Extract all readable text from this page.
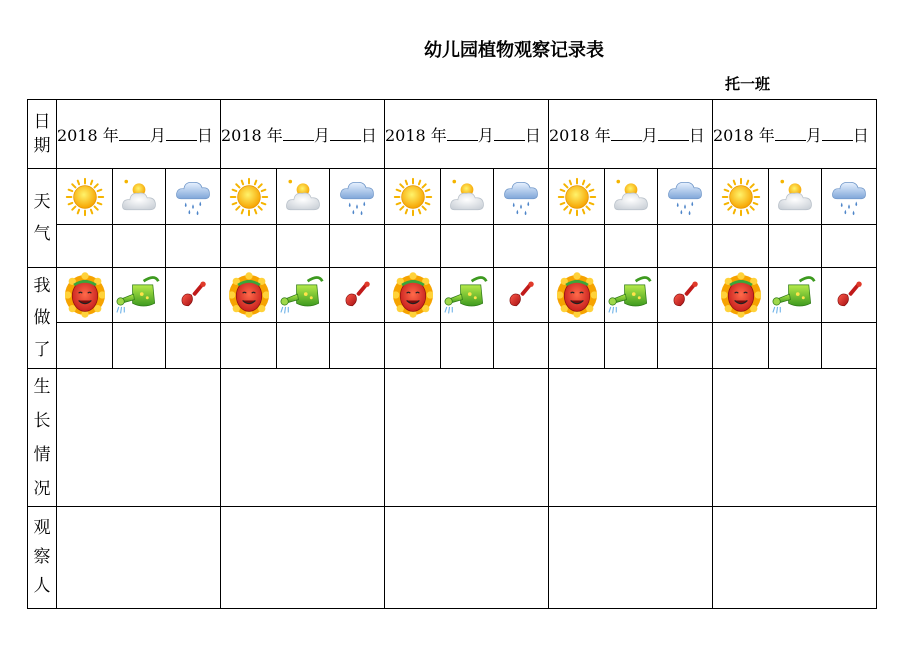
幼儿园植物观察记录表
托一班
日期	2018 年 月 日			2018 年 月 日			2018 年 月 日			2018 年 月 日			2018 年 月 日		

天气

我做了

生长情况															

观察人															
